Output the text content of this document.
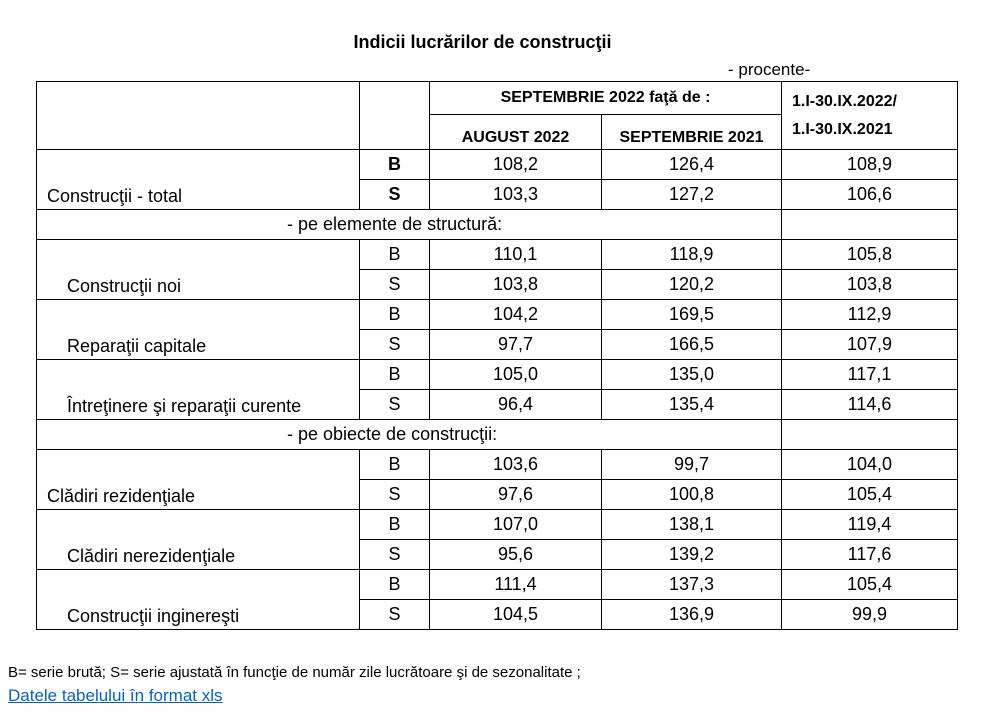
Indicii lucrărilor de construcţii
- procente-
		SEPTEMBRIE 2022 faţă de :		1.I-30.IX.2022/
1.I-30.IX.2021
		AUGUST 2022	SEPTEMBRIE 2021	
Construcţii - total	B	108,2	126,4	108,9
	S	103,3	127,2	106,6
- pe elemente de structură:				
Construcţii noi	B	110,1	118,9	105,8
	S	103,8	120,2	103,8
Reparaţii capitale	B	104,2	169,5	112,9
	S	97,7	166,5	107,9
Întreţinere şi reparaţii curente	B	105,0	135,0	117,1
	S	96,4	135,4	114,6
- pe obiecte de construcţii:				
Clădiri rezidenţiale	B	103,6	99,7	104,0
	S	97,6	100,8	105,4
Clădiri nerezidenţiale	B	107,0	138,1	119,4
	S	95,6	139,2	117,6
Construcţii inginereşti	B	111,4	137,3	105,4
	S	104,5	136,9	99,9
B= serie brută; S= serie ajustată în funcţie de număr zile lucrătoare şi de sezonalitate ;
Datele tabelului în format xls
